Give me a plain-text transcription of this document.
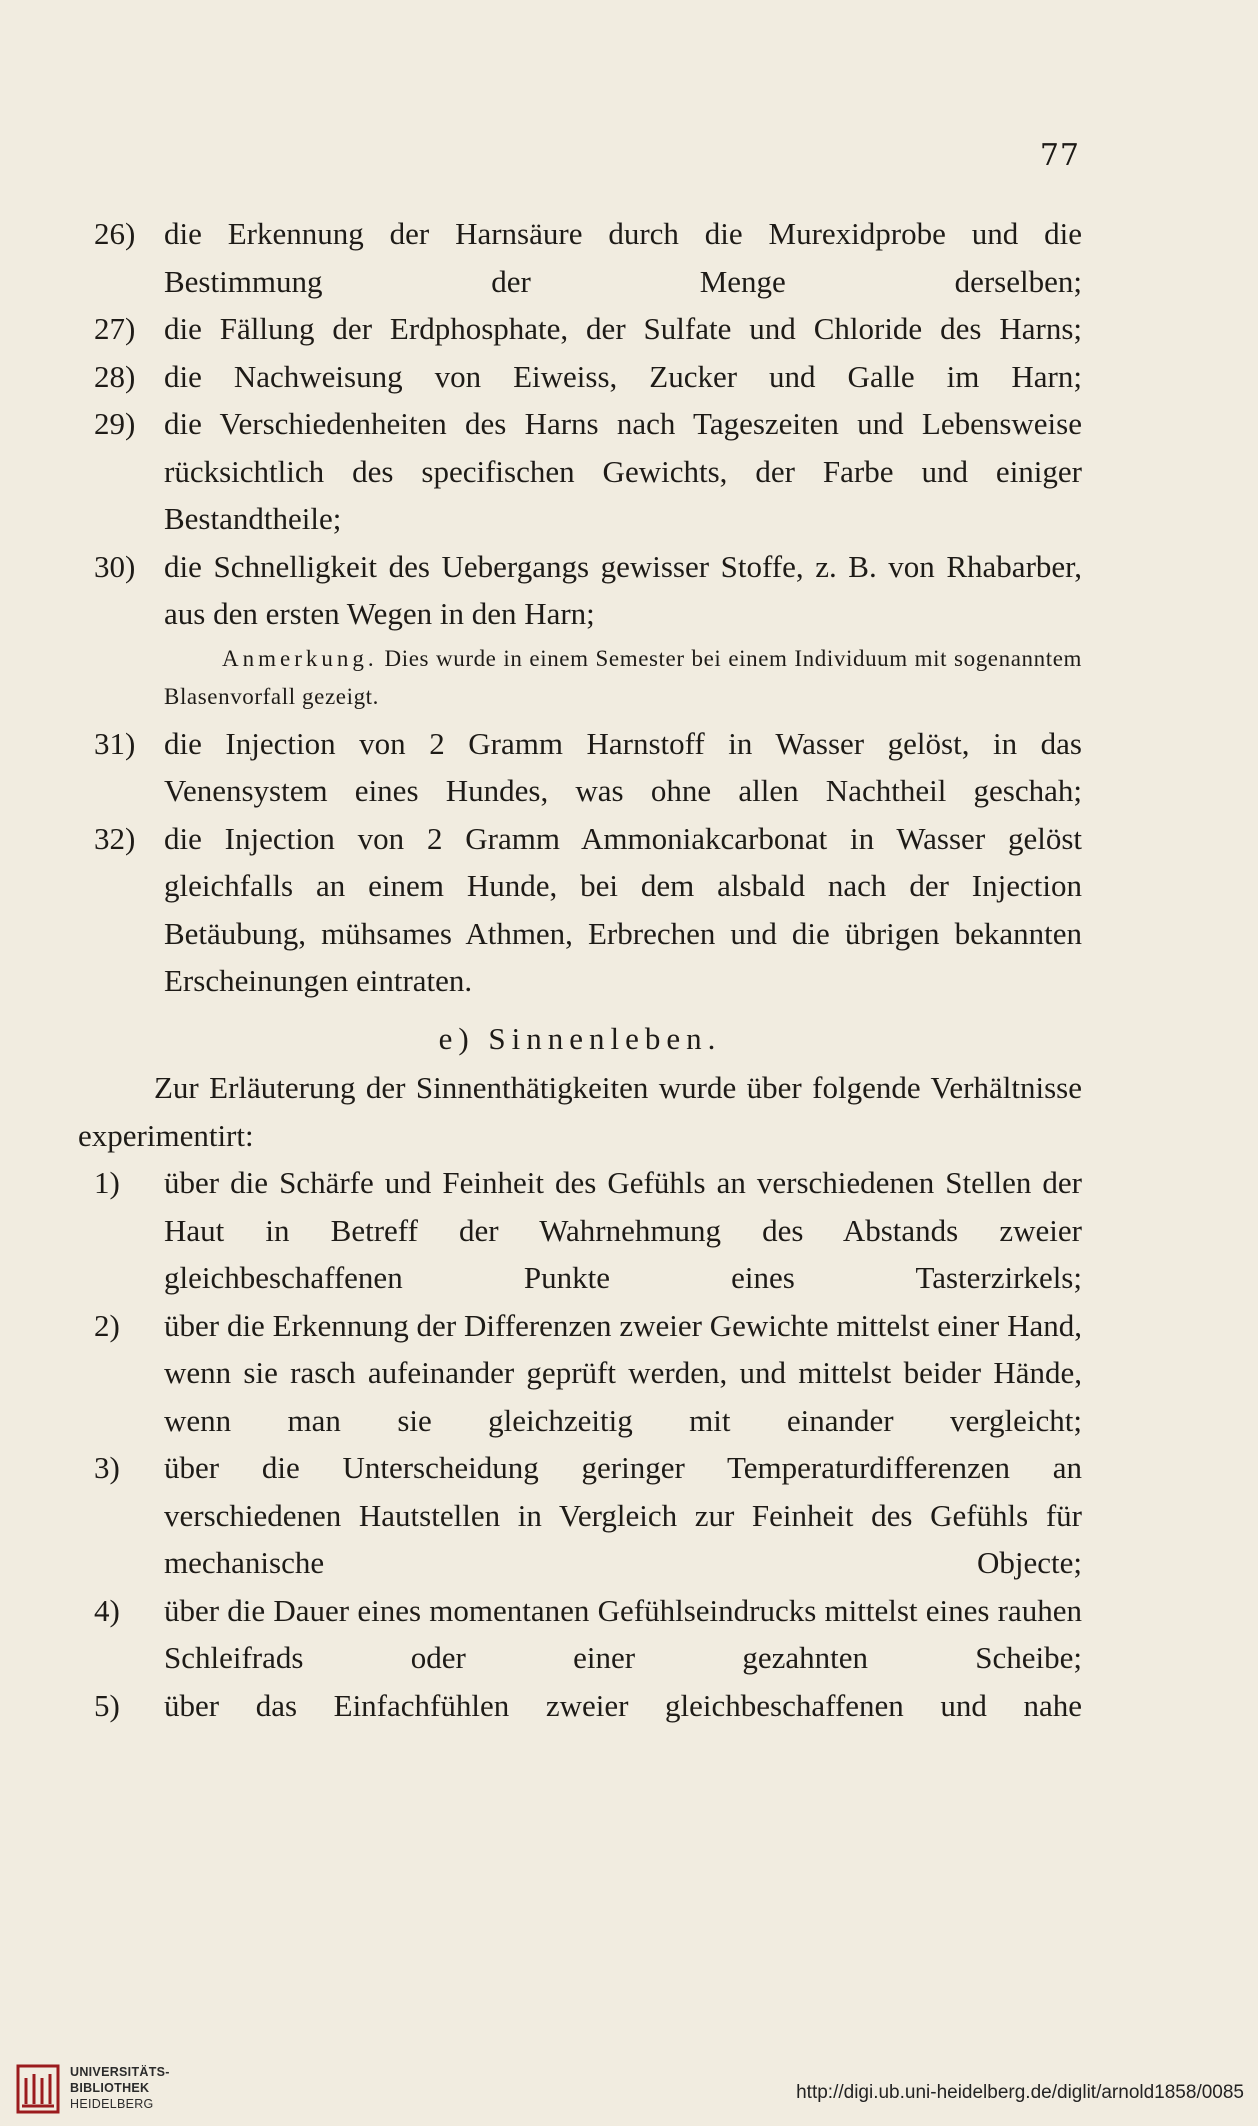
77
26) die Erkennung der Harnsäure durch die Murexidprobe und die Bestimmung der Menge derselben;
27) die Fällung der Erdphosphate, der Sulfate und Chloride des Harns;
28) die Nachweisung von Eiweiss, Zucker und Galle im Harn;
29) die Verschiedenheiten des Harns nach Tageszeiten und Lebensweise rücksichtlich des specifischen Gewichts, der Farbe und einiger Bestandtheile;
30) die Schnelligkeit des Uebergangs gewisser Stoffe, z. B. von Rhabarber, aus den ersten Wegen in den Harn;
Anmerkung. Dies wurde in einem Semester bei einem Individuum mit sogenanntem Blasenvorfall gezeigt.
31) die Injection von 2 Gramm Harnstoff in Wasser gelöst, in das Venensystem eines Hundes, was ohne allen Nachtheil geschah;
32) die Injection von 2 Gramm Ammoniakcarbonat in Wasser gelöst gleichfalls an einem Hunde, bei dem alsbald nach der Injection Betäubung, mühsames Athmen, Erbrechen und die übrigen bekannten Erscheinungen eintraten.
e) Sinnenleben.
Zur Erläuterung der Sinnenthätigkeiten wurde über folgende Verhältnisse experimentirt:
1) über die Schärfe und Feinheit des Gefühls an verschiedenen Stellen der Haut in Betreff der Wahrnehmung des Abstands zweier gleichbeschaffenen Punkte eines Tasterzirkels;
2) über die Erkennung der Differenzen zweier Gewichte mittelst einer Hand, wenn sie rasch aufeinander geprüft werden, und mittelst beider Hände, wenn man sie gleichzeitig mit einander vergleicht;
3) über die Unterscheidung geringer Temperaturdifferenzen an verschiedenen Hautstellen in Vergleich zur Feinheit des Gefühls für mechanische Objecte;
4) über die Dauer eines momentanen Gefühlseindrucks mittelst eines rauhen Schleifrads oder einer gezahnten Scheibe;
5) über das Einfachfühlen zweier gleichbeschaffenen und nahe
UNIVERSITÄTS-
BIBLIOTHEK
HEIDELBERG
http://digi.ub.uni-heidelberg.de/diglit/arnold1858/0085
